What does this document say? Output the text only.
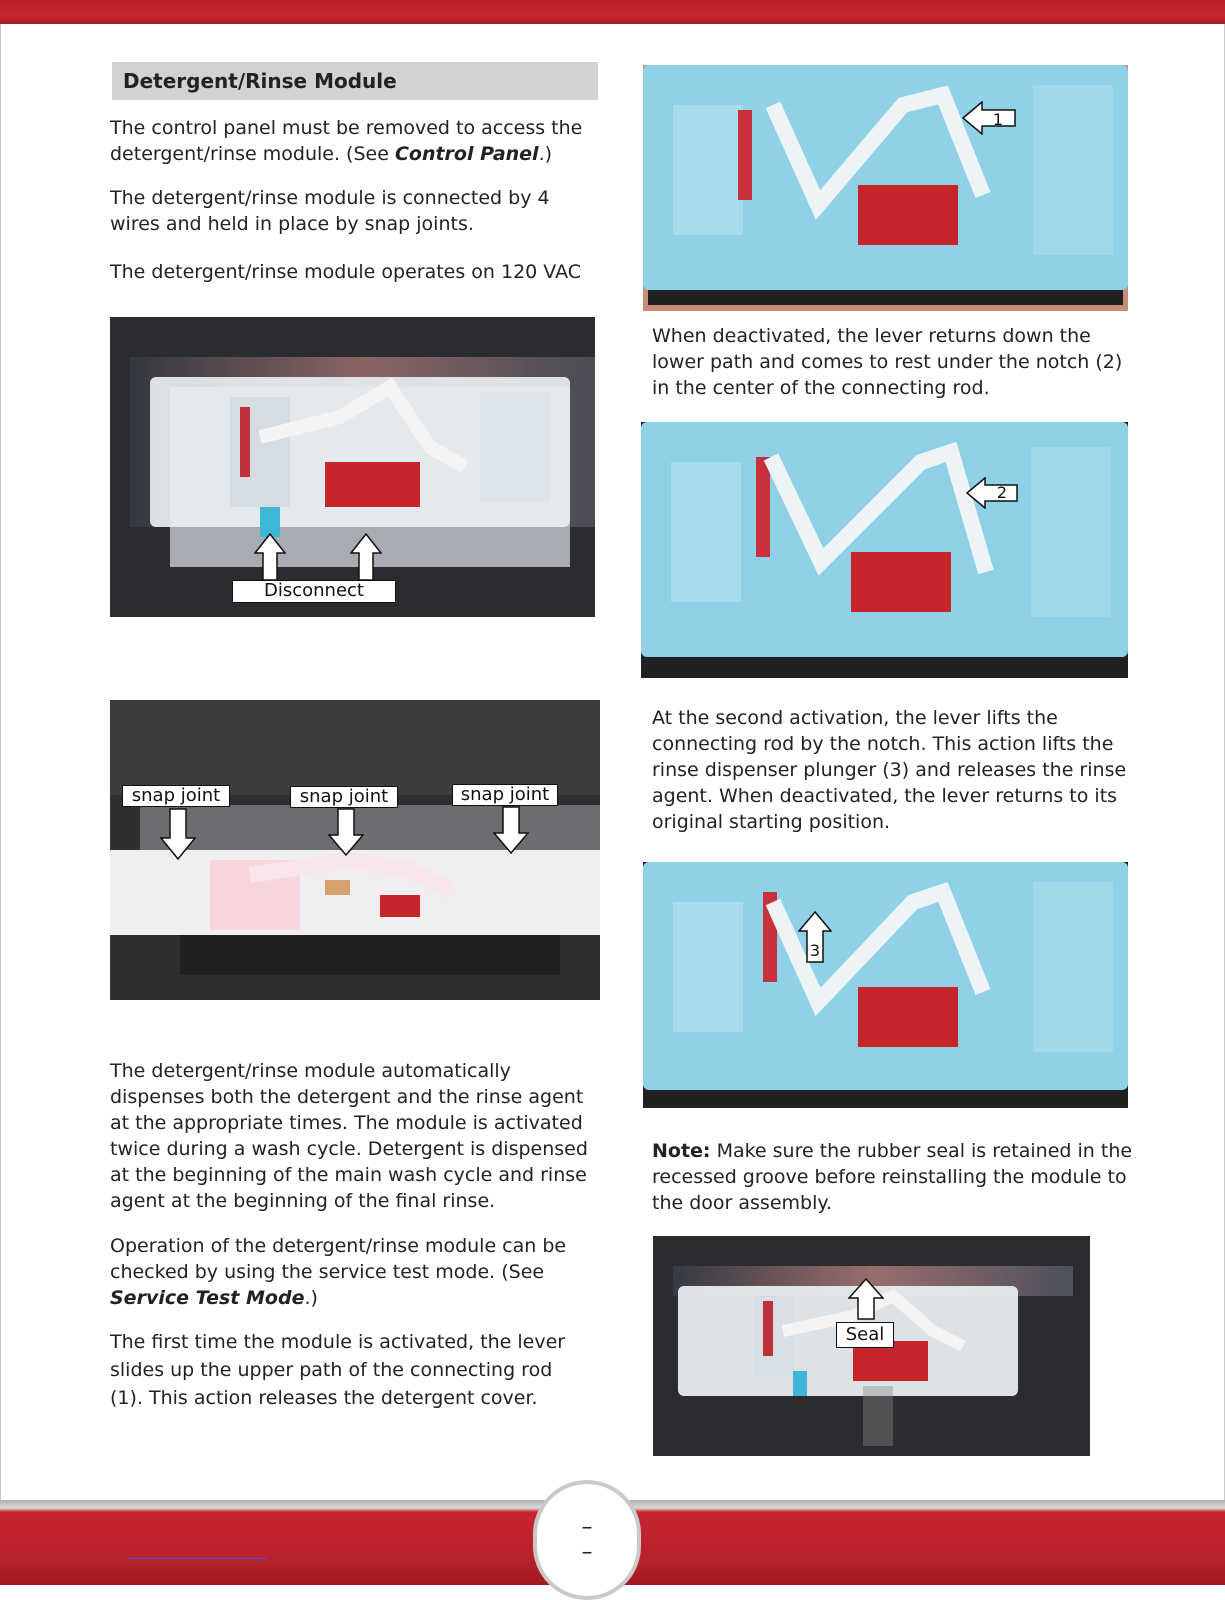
Detergent/Rinse Module

The control panel must be removed to access the detergent/rinse module. (See Control Panel.)

The detergent/rinse module is connected by 4 wires and held in place by snap joints.

The detergent/rinse module operates on 120 VAC

Disconnect
snap joint	snap joint	snap joint

The detergent/rinse module automatically dispenses both the detergent and the rinse agent at the appropriate times. The module is activated twice during a wash cycle. Detergent is dispensed at the beginning of the main wash cycle and rinse agent at the beginning of the final rinse.

Operation of the detergent/rinse module can be checked by using the service test mode. (See Service Test Mode.)

The first time the module is activated, the lever slides up the upper path of the connecting rod (1). This action releases the detergent cover.

1

When deactivated, the lever returns down the lower path and comes to rest under the notch (2) in the center of the connecting rod.

2

At the second activation, the lever lifts the connecting rod by the notch. This action lifts the rinse dispenser plunger (3) and releases the rinse agent. When deactivated, the lever returns to its original starting position.

3

Note: Make sure the rubber seal is retained in the recessed groove before reinstalling the module to the door assembly.

Seal
– –
